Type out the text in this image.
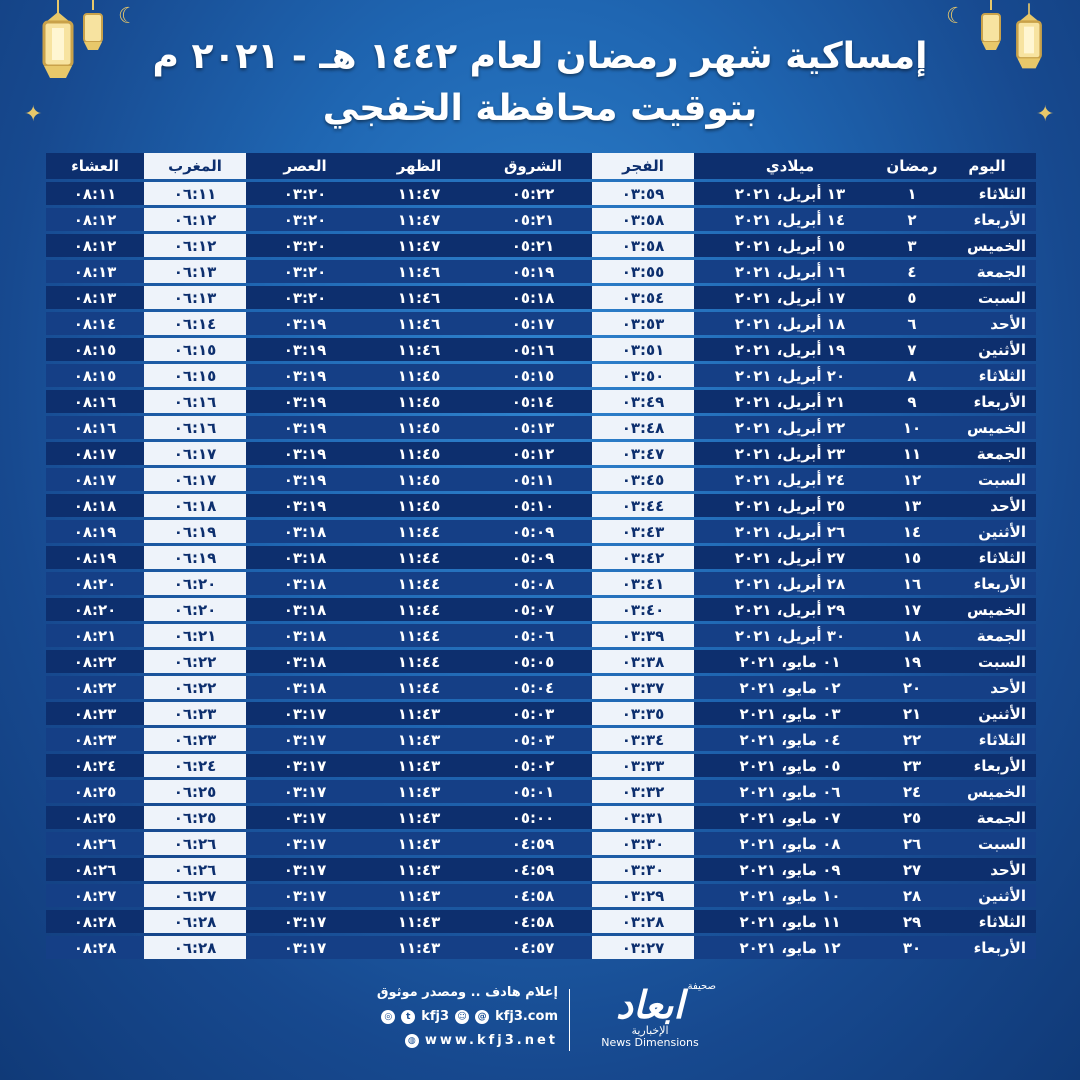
☾	☾
✦	✦
إمساكية شهر رمضان لعام ١٤٤٢ هـ - ٢٠٢١ م
بتوقيت محافظة الخفجي
اليوم	رمضان	ميلادي	الفجر	الشروق	الظهر	العصر	المغرب	العشاء
الثلاثاء	١	١٣ أبريل، ٢٠٢١	٠٣:٥٩	٠٥:٢٢	١١:٤٧	٠٣:٢٠	٠٦:١١	٠٨:١١
الأربعاء	٢	١٤ أبريل، ٢٠٢١	٠٣:٥٨	٠٥:٢١	١١:٤٧	٠٣:٢٠	٠٦:١٢	٠٨:١٢
الخميس	٣	١٥ أبريل، ٢٠٢١	٠٣:٥٨	٠٥:٢١	١١:٤٧	٠٣:٢٠	٠٦:١٢	٠٨:١٢
الجمعة	٤	١٦ أبريل، ٢٠٢١	٠٣:٥٥	٠٥:١٩	١١:٤٦	٠٣:٢٠	٠٦:١٣	٠٨:١٣
السبت	٥	١٧ أبريل، ٢٠٢١	٠٣:٥٤	٠٥:١٨	١١:٤٦	٠٣:٢٠	٠٦:١٣	٠٨:١٣
الأحد	٦	١٨ أبريل، ٢٠٢١	٠٣:٥٣	٠٥:١٧	١١:٤٦	٠٣:١٩	٠٦:١٤	٠٨:١٤
الأثنين	٧	١٩ أبريل، ٢٠٢١	٠٣:٥١	٠٥:١٦	١١:٤٦	٠٣:١٩	٠٦:١٥	٠٨:١٥
الثلاثاء	٨	٢٠ أبريل، ٢٠٢١	٠٣:٥٠	٠٥:١٥	١١:٤٥	٠٣:١٩	٠٦:١٥	٠٨:١٥
الأربعاء	٩	٢١ أبريل، ٢٠٢١	٠٣:٤٩	٠٥:١٤	١١:٤٥	٠٣:١٩	٠٦:١٦	٠٨:١٦
الخميس	١٠	٢٢ أبريل، ٢٠٢١	٠٣:٤٨	٠٥:١٣	١١:٤٥	٠٣:١٩	٠٦:١٦	٠٨:١٦
الجمعة	١١	٢٣ أبريل، ٢٠٢١	٠٣:٤٧	٠٥:١٢	١١:٤٥	٠٣:١٩	٠٦:١٧	٠٨:١٧
السبت	١٢	٢٤ أبريل، ٢٠٢١	٠٣:٤٥	٠٥:١١	١١:٤٥	٠٣:١٩	٠٦:١٧	٠٨:١٧
الأحد	١٣	٢٥ أبريل، ٢٠٢١	٠٣:٤٤	٠٥:١٠	١١:٤٥	٠٣:١٩	٠٦:١٨	٠٨:١٨
الأثنين	١٤	٢٦ أبريل، ٢٠٢١	٠٣:٤٣	٠٥:٠٩	١١:٤٤	٠٣:١٨	٠٦:١٩	٠٨:١٩
الثلاثاء	١٥	٢٧ أبريل، ٢٠٢١	٠٣:٤٢	٠٥:٠٩	١١:٤٤	٠٣:١٨	٠٦:١٩	٠٨:١٩
الأربعاء	١٦	٢٨ أبريل، ٢٠٢١	٠٣:٤١	٠٥:٠٨	١١:٤٤	٠٣:١٨	٠٦:٢٠	٠٨:٢٠
الخميس	١٧	٢٩ أبريل، ٢٠٢١	٠٣:٤٠	٠٥:٠٧	١١:٤٤	٠٣:١٨	٠٦:٢٠	٠٨:٢٠
الجمعة	١٨	٣٠ أبريل، ٢٠٢١	٠٣:٣٩	٠٥:٠٦	١١:٤٤	٠٣:١٨	٠٦:٢١	٠٨:٢١
السبت	١٩	٠١ مايو، ٢٠٢١	٠٣:٣٨	٠٥:٠٥	١١:٤٤	٠٣:١٨	٠٦:٢٢	٠٨:٢٢
الأحد	٢٠	٠٢ مايو، ٢٠٢١	٠٣:٣٧	٠٥:٠٤	١١:٤٤	٠٣:١٨	٠٦:٢٢	٠٨:٢٢
الأثنين	٢١	٠٣ مايو، ٢٠٢١	٠٣:٣٥	٠٥:٠٣	١١:٤٣	٠٣:١٧	٠٦:٢٣	٠٨:٢٣
الثلاثاء	٢٢	٠٤ مايو، ٢٠٢١	٠٣:٣٤	٠٥:٠٣	١١:٤٣	٠٣:١٧	٠٦:٢٣	٠٨:٢٣
الأربعاء	٢٣	٠٥ مايو، ٢٠٢١	٠٣:٣٣	٠٥:٠٢	١١:٤٣	٠٣:١٧	٠٦:٢٤	٠٨:٢٤
الخميس	٢٤	٠٦ مايو، ٢٠٢١	٠٣:٣٢	٠٥:٠١	١١:٤٣	٠٣:١٧	٠٦:٢٥	٠٨:٢٥
الجمعة	٢٥	٠٧ مايو، ٢٠٢١	٠٣:٣١	٠٥:٠٠	١١:٤٣	٠٣:١٧	٠٦:٢٥	٠٨:٢٥
السبت	٢٦	٠٨ مايو، ٢٠٢١	٠٣:٣٠	٠٤:٥٩	١١:٤٣	٠٣:١٧	٠٦:٢٦	٠٨:٢٦
الأحد	٢٧	٠٩ مايو، ٢٠٢١	٠٣:٣٠	٠٤:٥٩	١١:٤٣	٠٣:١٧	٠٦:٢٦	٠٨:٢٦
الأثنين	٢٨	١٠ مايو، ٢٠٢١	٠٣:٢٩	٠٤:٥٨	١١:٤٣	٠٣:١٧	٠٦:٢٧	٠٨:٢٧
الثلاثاء	٢٩	١١ مايو، ٢٠٢١	٠٣:٢٨	٠٤:٥٨	١١:٤٣	٠٣:١٧	٠٦:٢٨	٠٨:٢٨
الأربعاء	٣٠	١٢ مايو، ٢٠٢١	٠٣:٢٧	٠٤:٥٧	١١:٤٣	٠٣:١٧	٠٦:٢٨	٠٨:٢٨
صحيفة
ابعاد
الإخبارية
News Dimensions
إعلام هادف .. ومصدر موثوق
◎	t kfj3 ☺ @ kfj3.com
◍ www.kfj3.net
